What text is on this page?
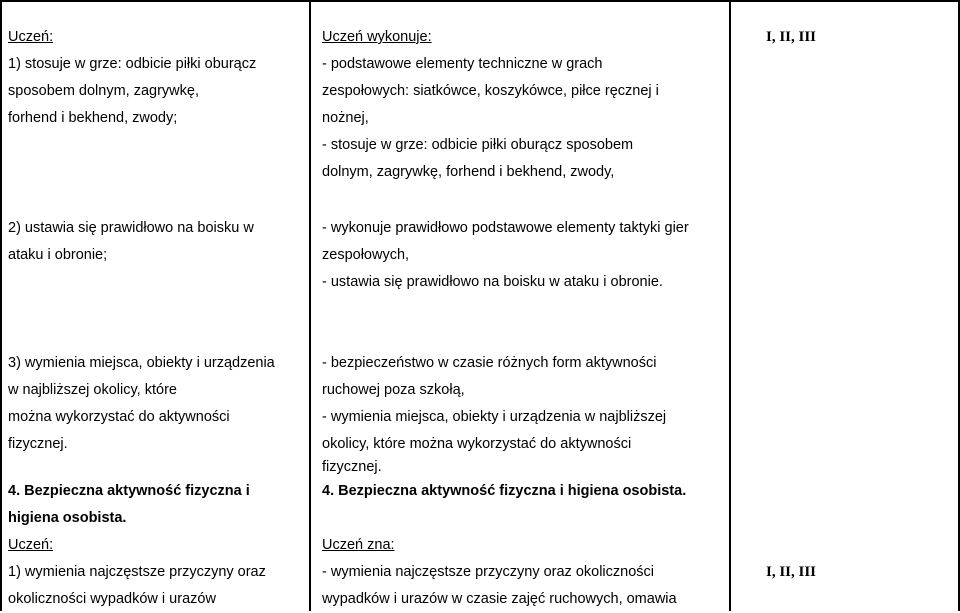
Uczeń:
1) stosuje w grze: odbicie piłki oburącz
sposobem dolnym, zagrywkę,
forhend i bekhend, zwody;
Uczeń wykonuje:
- podstawowe elementy techniczne w grach
zespołowych: siatkówce, koszykówce, piłce ręcznej i
nożnej,
- stosuje w grze: odbicie piłki oburącz sposobem
dolnym, zagrywkę, forhend i bekhend, zwody,
I, II, III
2) ustawia się prawidłowo na boisku w
ataku i obronie;
- wykonuje prawidłowo podstawowe elementy taktyki gier
zespołowych,
- ustawia się prawidłowo na boisku w ataku i obronie.
3) wymienia miejsca, obiekty i urządzenia
w najbliższej okolicy, które
można wykorzystać do aktywności
fizycznej.
- bezpieczeństwo w czasie różnych form aktywności
ruchowej poza szkołą,
- wymienia miejsca, obiekty i urządzenia w najbliższej
okolicy, które można wykorzystać do aktywności
fizycznej.
4. Bezpieczna aktywność fizyczna i
higiena osobista.
Uczeń:
1) wymienia najczęstsze przyczyny oraz
okoliczności wypadków i urazów
4. Bezpieczna aktywność fizyczna i higiena osobista.
Uczeń zna:
- wymienia najczęstsze przyczyny oraz okoliczności
wypadków i urazów w czasie zajęć ruchowych, omawia
I, II, III
